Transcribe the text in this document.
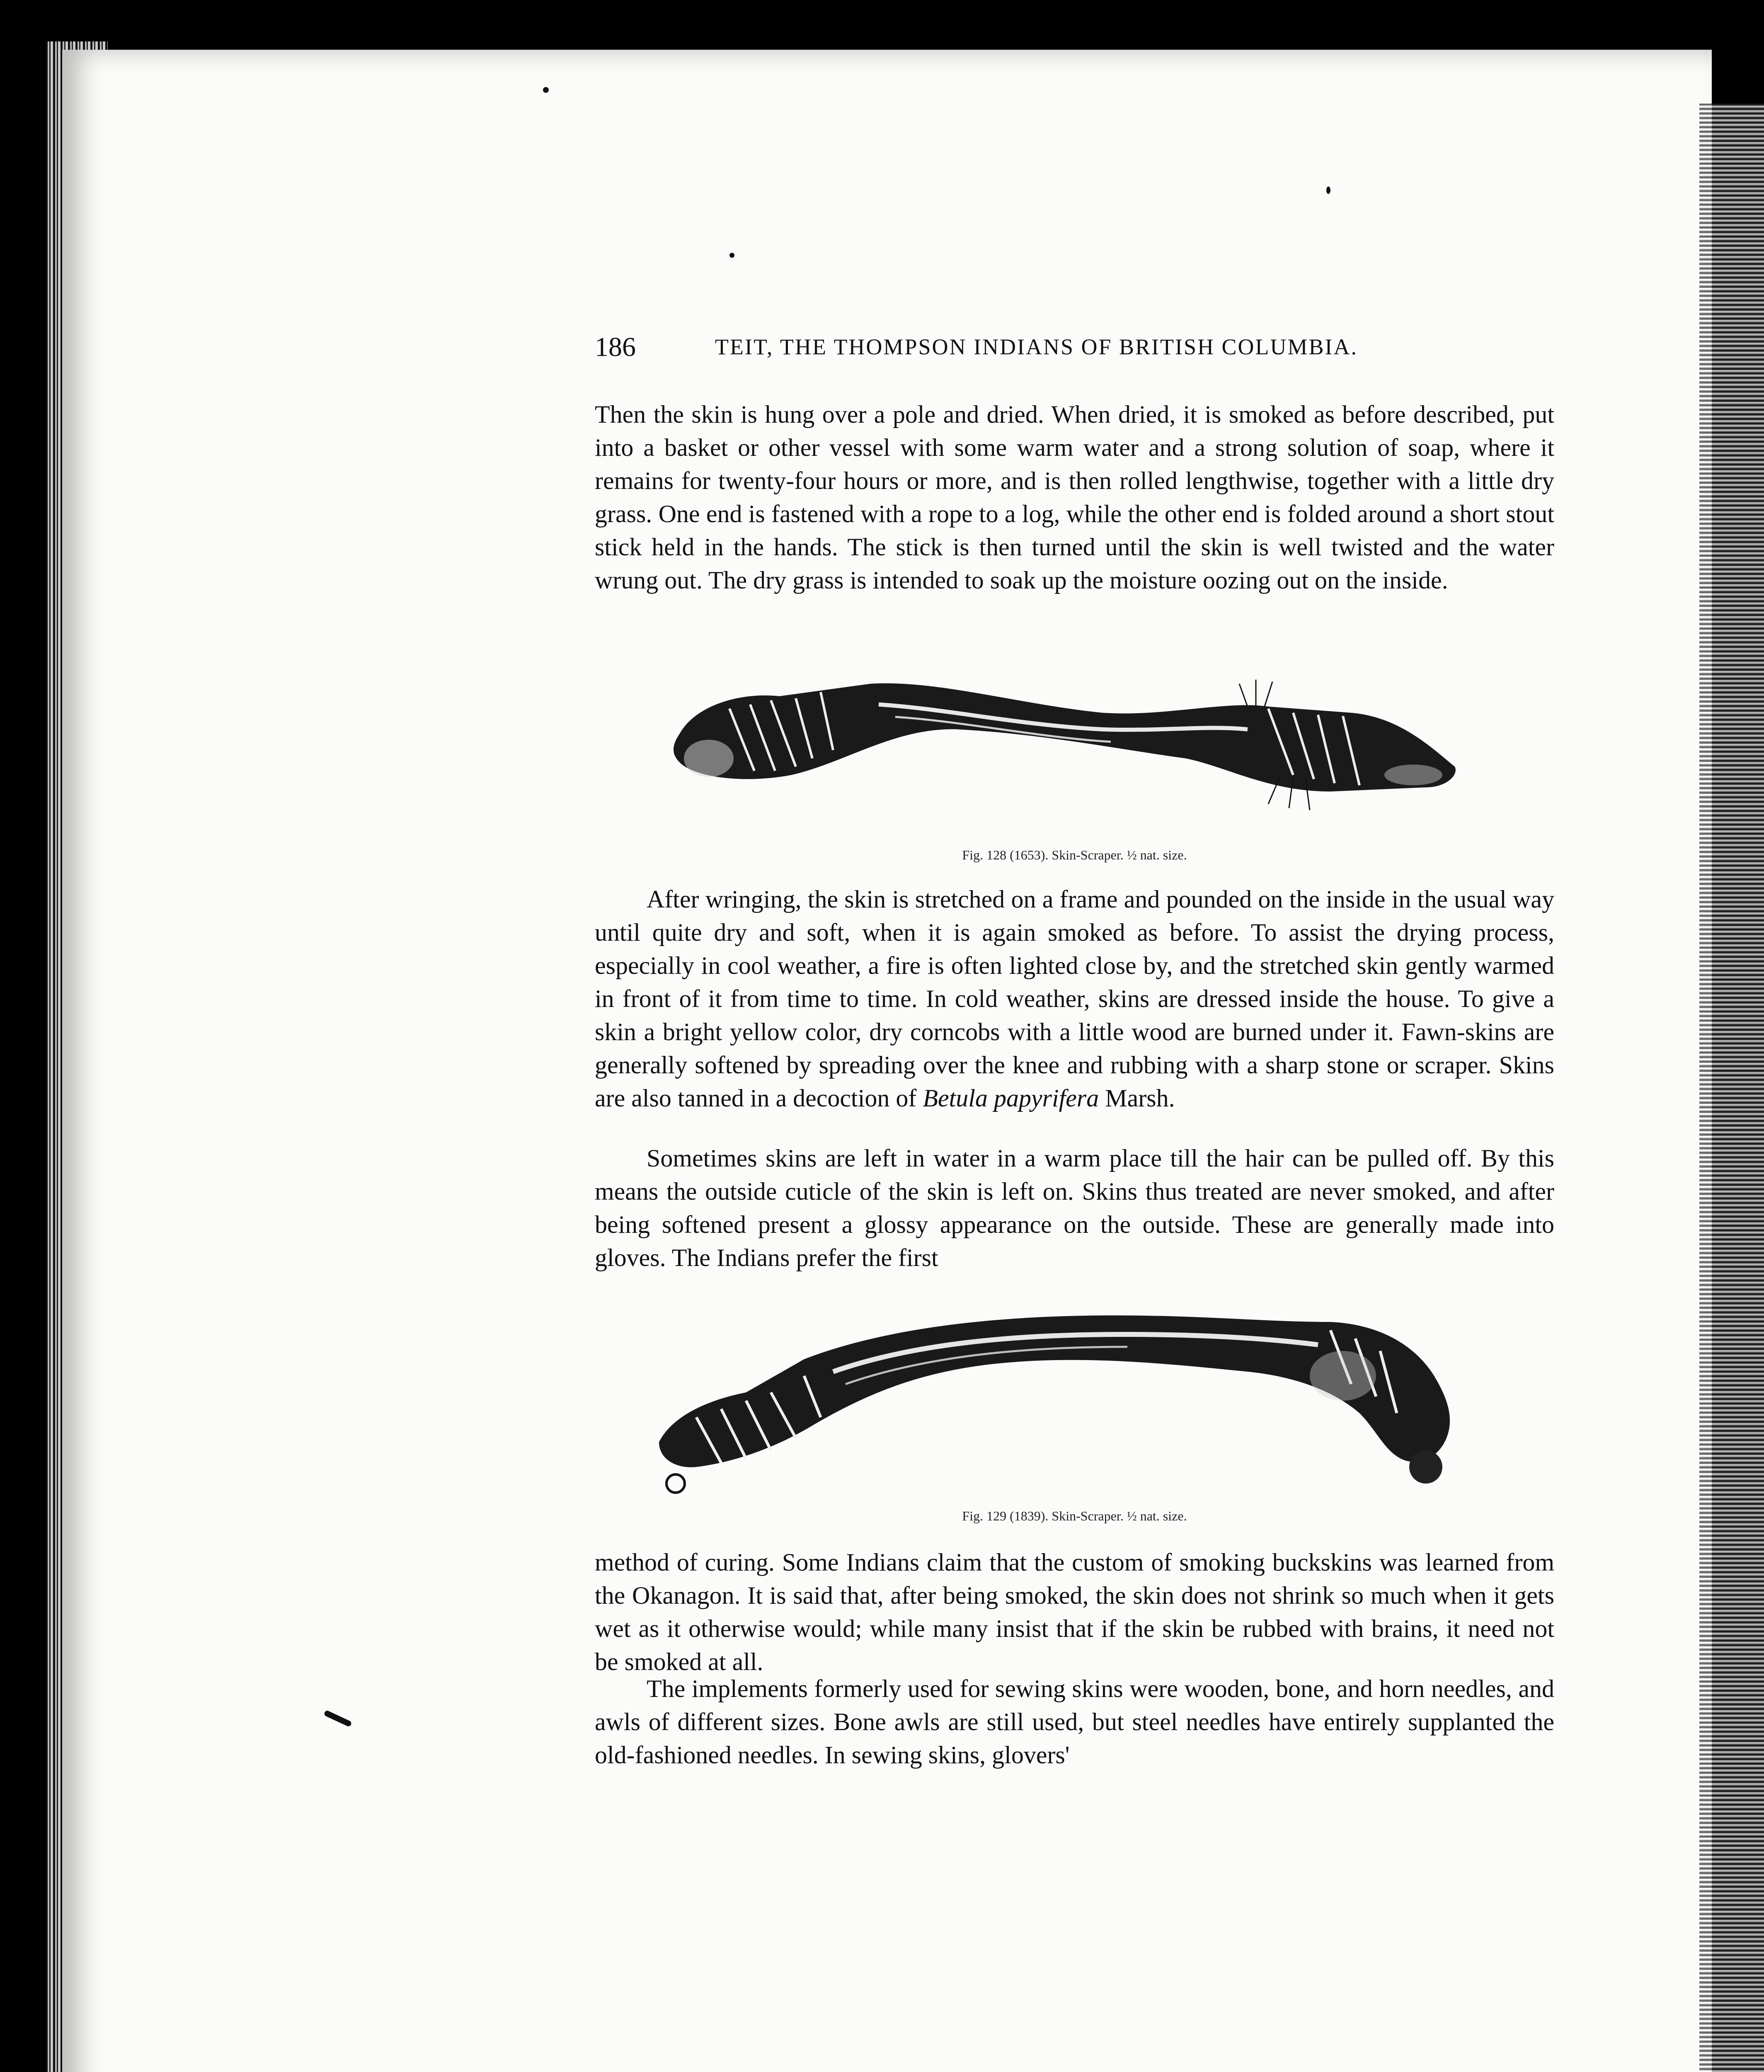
186	TEIT, THE THOMPSON INDIANS OF BRITISH COLUMBIA.

Then the skin is hung over a pole and dried. When dried, it is smoked as before described, put into a basket or other vessel with some warm water and a strong solution of soap, where it remains for twenty-four hours or more, and is then rolled lengthwise, together with a little dry grass. One end is fastened with a rope to a log, while the other end is folded around a short stout stick held in the hands. The stick is then turned until the skin is well twisted and the water wrung out. The dry grass is intended to soak up the moisture oozing out on the inside.

Fig. 128 (1653). Skin-Scraper. ½ nat. size.

After wringing, the skin is stretched on a frame and pounded on the inside in the usual way until quite dry and soft, when it is again smoked as before. To assist the drying process, especially in cool weather, a fire is often lighted close by, and the stretched skin gently warmed in front of it from time to time. In cold weather, skins are dressed inside the house. To give a skin a bright yellow color, dry corncobs with a little wood are burned under it. Fawn-skins are generally softened by spreading over the knee and rubbing with a sharp stone or scraper. Skins are also tanned in a decoction of Betula papyrifera Marsh.

Sometimes skins are left in water in a warm place till the hair can be pulled off. By this means the outside cuticle of the skin is left on. Skins thus treated are never smoked, and after being softened present a glossy appearance on the outside. These are generally made into gloves. The Indians prefer the first

Fig. 129 (1839). Skin-Scraper. ½ nat. size.

method of curing. Some Indians claim that the custom of smoking buckskins was learned from the Okanagon. It is said that, after being smoked, the skin does not shrink so much when it gets wet as it otherwise would; while many insist that if the skin be rubbed with brains, it need not be smoked at all.

The implements formerly used for sewing skins were wooden, bone, and horn needles, and awls of different sizes. Bone awls are still used, but steel needles have entirely supplanted the old-fashioned needles. In sewing skins, glovers'
